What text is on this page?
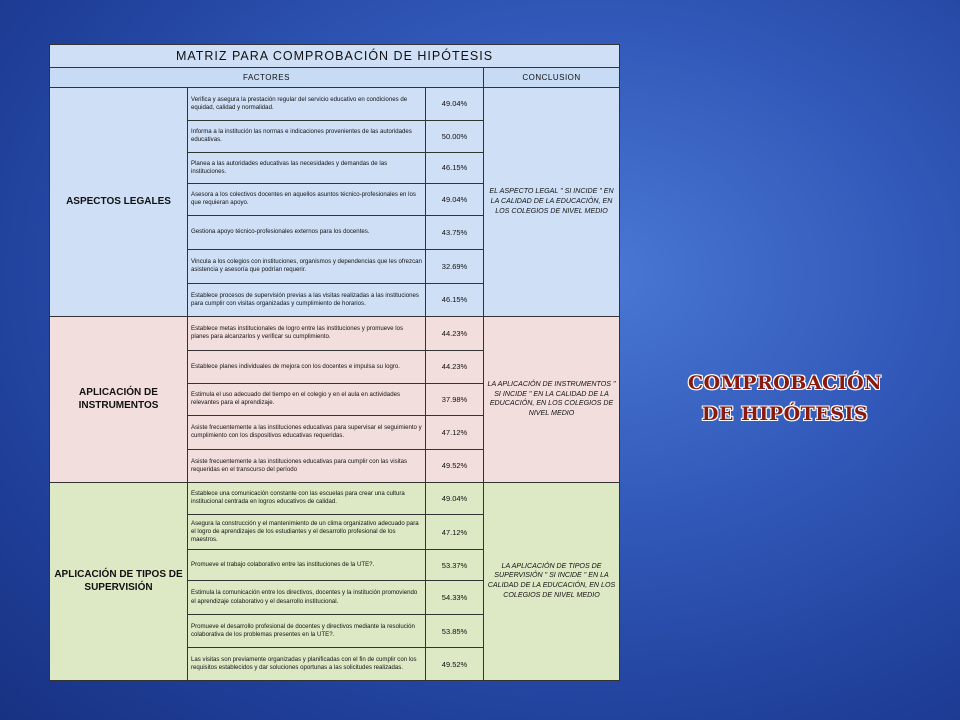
MATRIZ PARA COMPROBACIÓN DE HIPÓTESIS			
FACTORES			CONCLUSION
ASPECTOS LEGALES	Verifica y asegura la prestación regular del servicio educativo en condiciones de equidad, calidad y normalidad.	49.04%	EL ASPECTO LEGAL " SI INCIDE " EN LA CALIDAD DE LA EDUCACIÓN, EN LOS COLEGIOS DE NIVEL MEDIO
	Informa a la institución las normas e indicaciones provenientes de las autoridades educativas.	50.00%	
	Planea a las autoridades educativas las necesidades y demandas de las instituciones.	46.15%	
	Asesora a los colectivos docentes en aquellos asuntos técnico-profesionales en los que requieran apoyo.	49.04%	
	Gestiona apoyo técnico-profesionales externos para los docentes.	43.75%	
	Vincula a los colegios con instituciones, organismos y dependencias que les ofrezcan asistencia y asesoría que podrían requerir.	32.69%	
	Establece procesos de supervisión previas a las visitas realizadas a las instituciones para cumplir con visitas organizadas y cumplimiento de horarios.	46.15%	
APLICACIÓN DE INSTRUMENTOS	Establece metas institucionales de logro entre las instituciones y promueve los planes para alcanzarlos y verificar su cumplimiento.	44.23%	LA APLICACIÓN DE INSTRUMENTOS " SI INCIDE " EN LA CALIDAD DE LA EDUCACIÓN, EN LOS COLEGIOS DE NIVEL MEDIO
	Establece planes individuales de mejora con los docentes e impulsa su logro.	44.23%	
	Estimula el uso adecuado del tiempo en el colegio y en el aula en actividades relevantes para el aprendizaje.	37.98%	
	Asiste frecuentemente a las instituciones educativas para supervisar el seguimiento y cumplimiento con los dispositivos educativas requeridas.	47.12%	
	Asiste frecuentemente a las instituciones educativas para cumplir con las visitas requeridas en el transcurso del período	49.52%	
APLICACIÓN DE TIPOS DE SUPERVISIÓN	Establece una comunicación constante con las escuelas para crear una cultura institucional centrada en logros educativos de calidad.	49.04%	LA APLICACIÓN DE TIPOS DE SUPERVISIÓN " SI INCIDE " EN LA CALIDAD DE LA EDUCACIÓN, EN LOS COLEGIOS DE NIVEL MEDIO
	Asegura la construcción y el mantenimiento de un clima organizativo adecuado para el logro de aprendizajes de los estudiantes y el desarrollo profesional de los maestros.	47.12%	
	Promueve el trabajo colaborativo entre las instituciones de la UTE?.	53.37%	
	Estimula la comunicación entre los directivos, docentes y la institución promoviendo el aprendizaje colaborativo y el desarrollo institucional.	54.33%	
	Promueve el desarrollo profesional de docentes y directivos mediante la resolución colaborativa de los problemas presentes en la UTE?.	53.85%	
	Las visitas son previamente organizadas y planificadas con el fin de cumplir con los requisitos establecidos y dar soluciones oportunas a las solicitudes realizadas.	49.52%	
COMPROBACIÓN
DE HIPÓTESIS
